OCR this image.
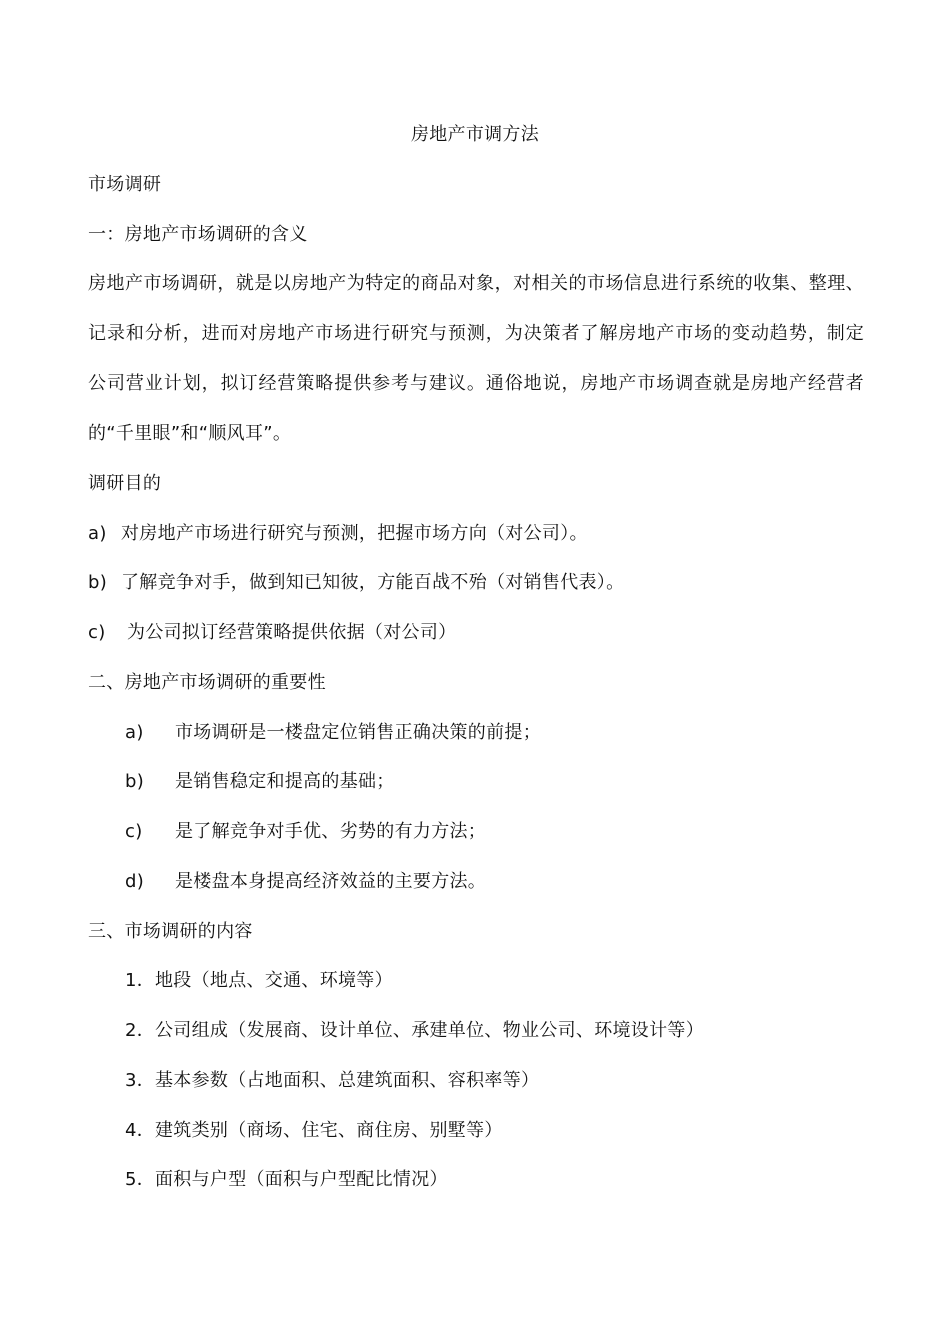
房地产市调方法
市场调研
一：房地产市场调研的含义
房地产市场调研，就是以房地产为特定的商品对象，对相关的市场信息进行系统的收集、整理、
记录和分析，进而对房地产市场进行研究与预测，为决策者了解房地产市场的变动趋势，制定
公司营业计划，拟订经营策略提供参考与建议。通俗地说，房地产市场调查就是房地产经营者
的“千里眼”和“顺风耳”。
调研目的
a) 对房地产市场进行研究与预测，把握市场方向（对公司）。
b) 了解竞争对手，做到知已知彼，方能百战不殆（对销售代表）。
c) 为公司拟订经营策略提供依据（对公司）
二、房地产市场调研的重要性
a) 市场调研是一楼盘定位销售正确决策的前提；
b) 是销售稳定和提高的基础；
c) 是了解竞争对手优、劣势的有力方法；
d) 是楼盘本身提高经济效益的主要方法。
三、市场调研的内容
1．地段（地点、交通、环境等）
2．公司组成（发展商、设计单位、承建单位、物业公司、环境设计等）
3．基本参数（占地面积、总建筑面积、容积率等）
4．建筑类别（商场、住宅、商住房、别墅等）
5．面积与户型（面积与户型配比情况）
